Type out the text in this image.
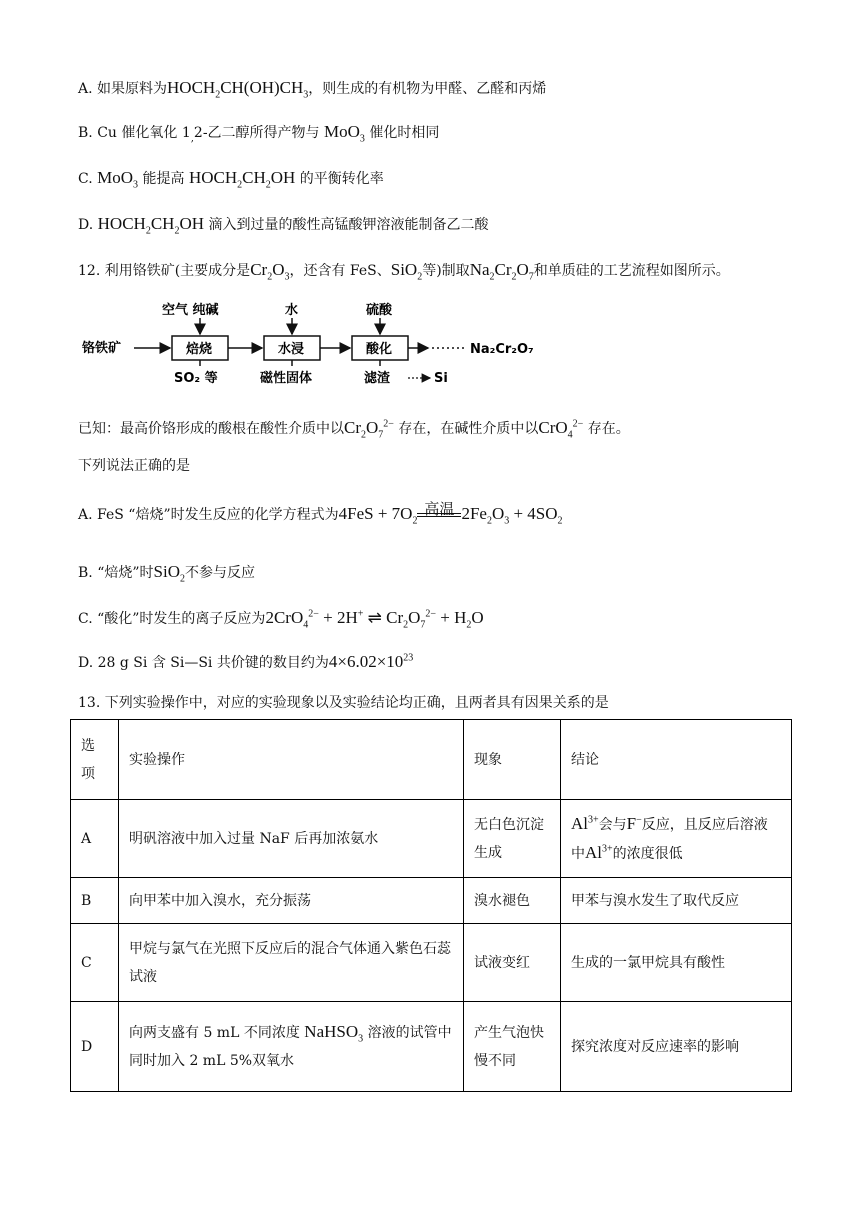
A. 如果原料为$HOCH_2CH(OH)CH_3$，则生成的有机物为甲醛、乙醛和丙烯
B. Cu 催化氧化 $1_,2-$乙二醇所得产物与 MoO$_3$ 催化时相同
C. MoO$_3$ 能提高 $HOCH_2CH_2OH$ 的平衡转化率
D. $HOCH_2CH_2OH$ 滴入到过量的酸性高锰酸钾溶液能制备乙二酸
12. 利用铬铁矿(主要成分是$Cr_2O_3$，还含有 FeS、SiO$_2$等)制取$Na_2Cr_2O_7$和单质硅的工艺流程如图所示。
铬铁矿	焙烧
空气 纯碱
SO₂ 等
水浸
水
磁性固体
酸化
硫酸
滤渣	Si
Na₂Cr₂O₇
已知：最高价铬形成的酸根在酸性介质中以$Cr_2O_7^{2-}$ 存在，在碱性介质中以CrO$_4^{2-}$ 存在。
下列说法正确的是
A. FeS “焙烧”时发生反应的化学方程式为$4FeS + 7O_2$
高温 $2Fe_2O_3 + 4SO_2$
B. “焙烧”时SiO$_2$不参与反应
C. “酸化”时发生的离子反应为2CrO$_4^{2-}$ + 2H+ ⇌ $Cr_2O_7^{2-} + H_2O$
D. 28 g Si 含 Si—Si 共价键的数目约为$4\times 6.02\times 10^{23}$
13. 下列实验操作中，对应的实验现象以及实验结论均正确，且两者具有因果关系的是
选
项	实验操作	现象	结论
A	明矾溶液中加入过量 NaF 后再加浓氨水	无白色沉淀生成	$Al^{3+}$会与F−反应，且反应后溶液
中$Al^{3+}$的浓度很低
B	向甲苯中加入溴水，充分振荡	溴水褪色	甲苯与溴水发生了取代反应
C	甲烷与氯气在光照下反应后的混合气体通入紫色石蕊试液	试液变红	生成的一氯甲烷具有酸性
D	向两支盛有 5 mL 不同浓度 NaHSO$_3$ 溶液的试管中同时加入 2 mL 5%双氧水	产生气泡快慢不同	探究浓度对反应速率的影响
